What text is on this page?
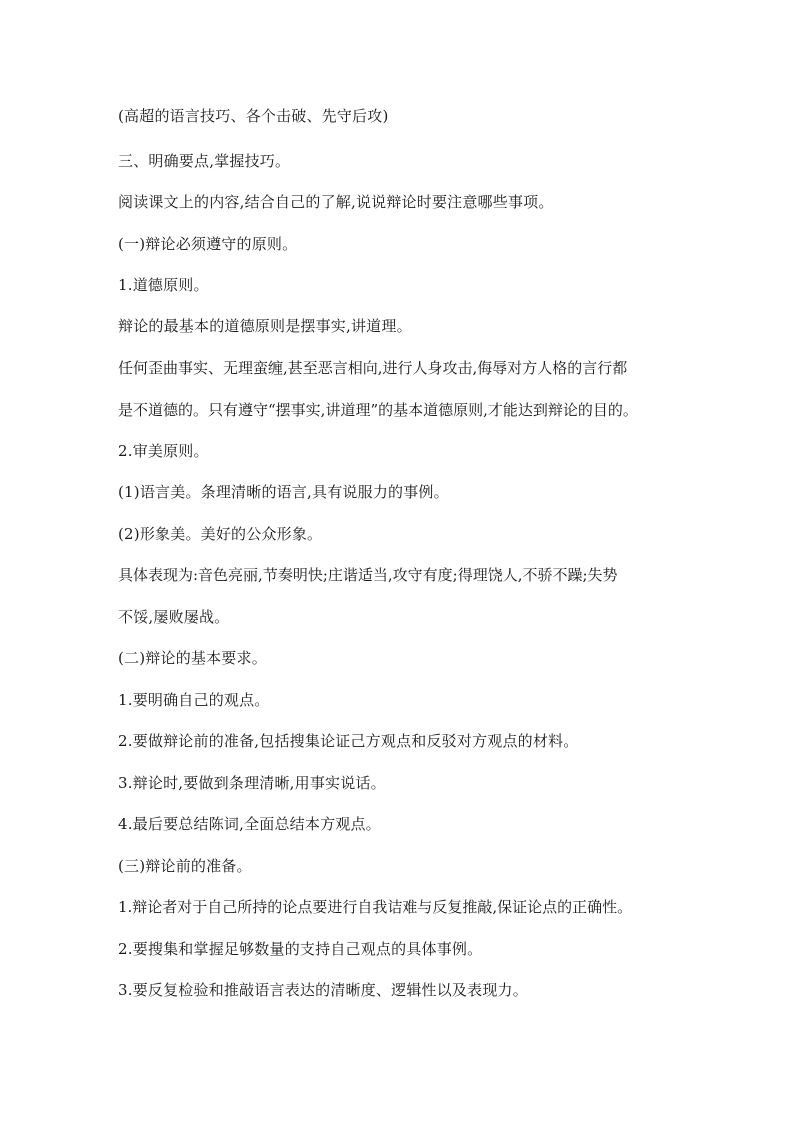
(高超的语言技巧、各个击破、先守后攻)
三、明确要点,掌握技巧。
阅读课文上的内容,结合自己的了解,说说辩论时要注意哪些事项。
(一)辩论必须遵守的原则。
1.道德原则。
辩论的最基本的道德原则是摆事实,讲道理。
任何歪曲事实、无理蛮缠,甚至恶言相向,进行人身攻击,侮辱对方人格的言行都
是不道德的。只有遵守“摆事实,讲道理”的基本道德原则,才能达到辩论的目的。
2.审美原则。
(1)语言美。条理清晰的语言,具有说服力的事例。
(2)形象美。美好的公众形象。
具体表现为:音色亮丽,节奏明快;庄谐适当,攻守有度;得理饶人,不骄不躁;失势
不馁,屡败屡战。
(二)辩论的基本要求。
1.要明确自己的观点。
2.要做辩论前的准备,包括搜集论证己方观点和反驳对方观点的材料。
3.辩论时,要做到条理清晰,用事实说话。
4.最后要总结陈词,全面总结本方观点。
(三)辩论前的准备。
1.辩论者对于自己所持的论点要进行自我诘难与反复推敲,保证论点的正确性。
2.要搜集和掌握足够数量的支持自己观点的具体事例。
3.要反复检验和推敲语言表达的清晰度、逻辑性以及表现力。
